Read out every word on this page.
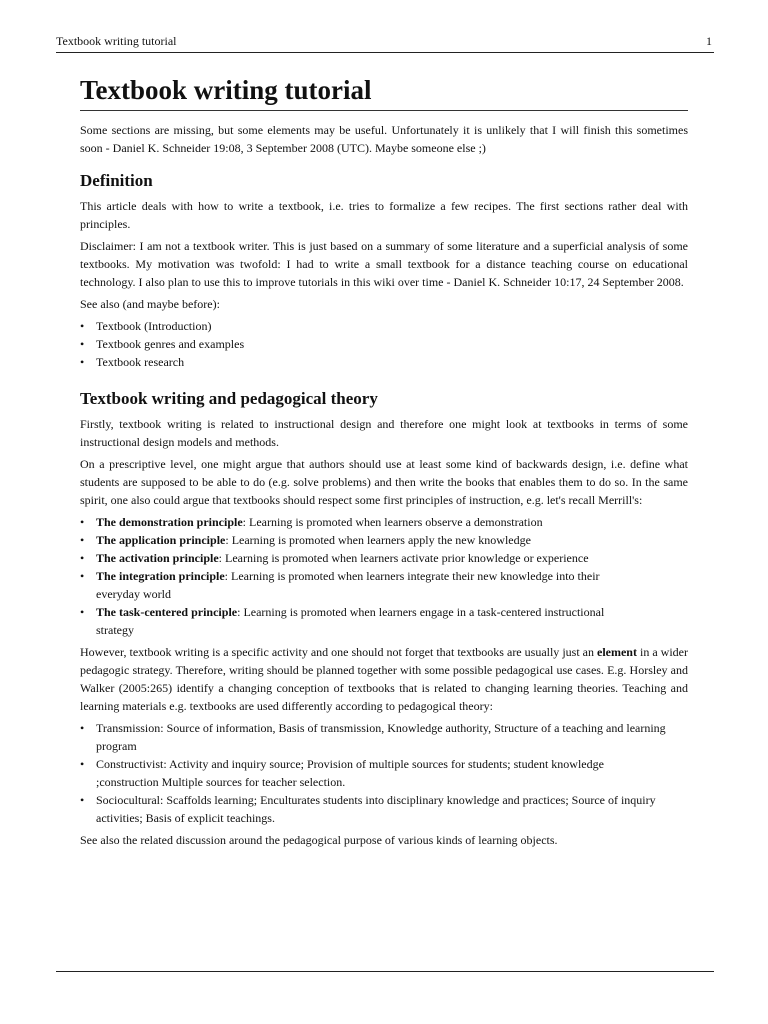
Textbook writing tutorial	1
Textbook writing tutorial

Some sections are missing, but some elements may be useful. Unfortunately it is unlikely that I will finish this sometimes soon - Daniel K. Schneider 19:08, 3 September 2008 (UTC). Maybe someone else ;)

Definition

This article deals with how to write a textbook, i.e. tries to formalize a few recipes. The first sections rather deal with principles.

Disclaimer: I am not a textbook writer. This is just based on a summary of some literature and a superficial analysis of some textbooks. My motivation was twofold: I had to write a small textbook for a distance teaching course on educational technology. I also plan to use this to improve tutorials in this wiki over time - Daniel K. Schneider 10:17, 24 September 2008.

See also (and maybe before):

• Textbook (Introduction)
• Textbook genres and examples
• Textbook research
Textbook writing and pedagogical theory

Firstly, textbook writing is related to instructional design and therefore one might look at textbooks in terms of some instructional design models and methods.

On a prescriptive level, one might argue that authors should use at least some kind of backwards design, i.e. define what students are supposed to be able to do (e.g. solve problems) and then write the books that enables them to do so. In the same spirit, one also could argue that textbooks should respect some first principles of instruction, e.g. let's recall Merrill's:

• The demonstration principle: Learning is promoted when learners observe a demonstration
• The application principle: Learning is promoted when learners apply the new knowledge
• The activation principle: Learning is promoted when learners activate prior knowledge or experience
• The integration principle: Learning is promoted when learners integrate their new knowledge into their everyday world
• The task-centered principle: Learning is promoted when learners engage in a task-centered instructional strategy

However, textbook writing is a specific activity and one should not forget that textbooks are usually just an element in a wider pedagogic strategy. Therefore, writing should be planned together with some possible pedagogical use cases. E.g. Horsley and Walker (2005:265) identify a changing conception of textbooks that is related to changing learning theories. Teaching and learning materials e.g. textbooks are used differently according to pedagogical theory:

• Transmission: Source of information, Basis of transmission, Knowledge authority, Structure of a teaching and learning program
• Constructivist: Activity and inquiry source; Provision of multiple sources for students; student knowledge ;construction Multiple sources for teacher selection.
• Sociocultural: Scaffolds learning; Enculturates students into disciplinary knowledge and practices; Source of inquiry activities; Basis of explicit teachings.

See also the related discussion around the pedagogical purpose of various kinds of learning objects.
